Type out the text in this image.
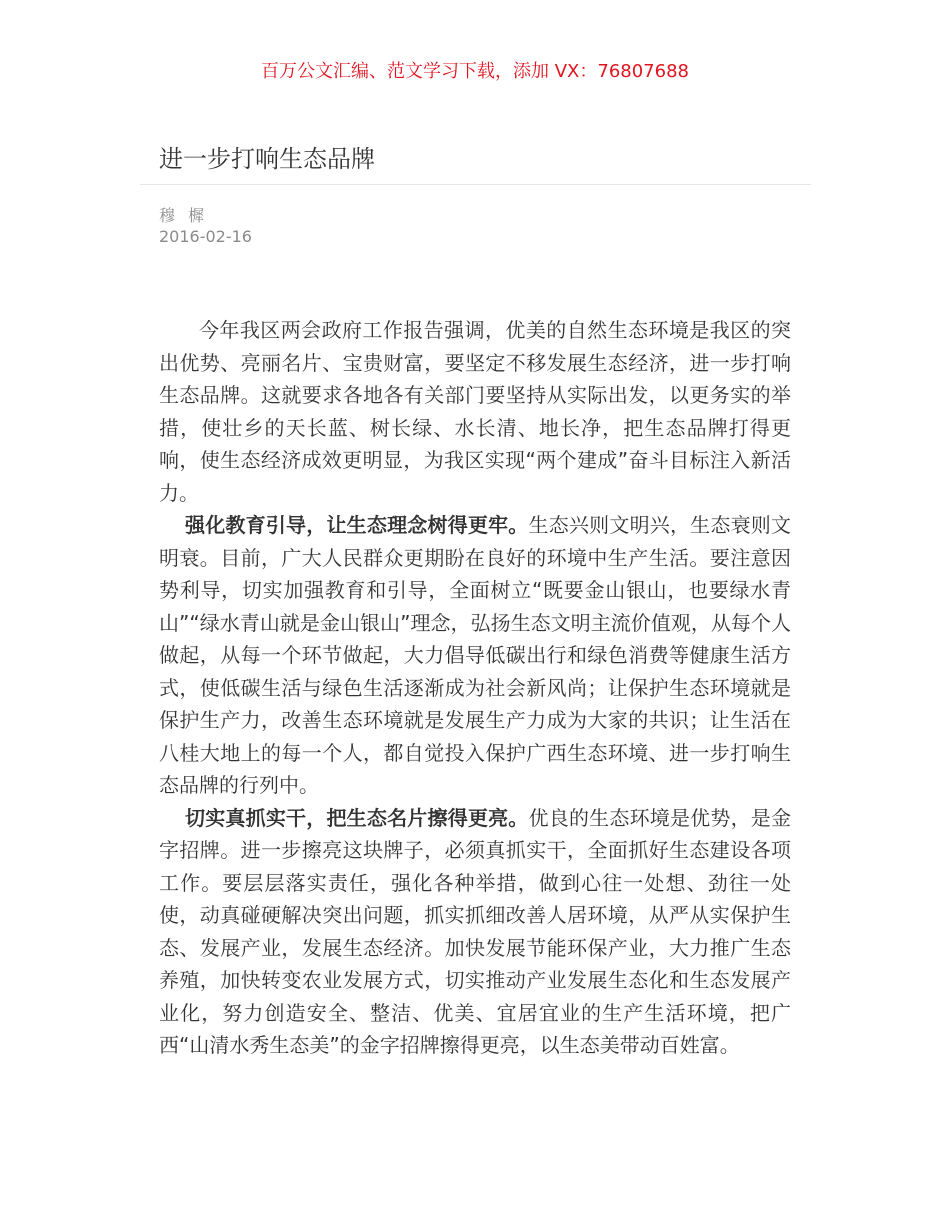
百万公文汇编、范文学习下载，添加 VX：76807688
进一步打响生态品牌
穆 樨
2016-02-16

今年我区两会政府工作报告强调，优美的自然生态环境是我区的突出优势、亮丽名片、宝贵财富，要坚定不移发展生态经济，进一步打响生态品牌。这就要求各地各有关部门要坚持从实际出发，以更务实的举措，使壮乡的天长蓝、树长绿、水长清、地长净，把生态品牌打得更响，使生态经济成效更明显，为我区实现“两个建成”奋斗目标注入新活力。

强化教育引导，让生态理念树得更牢。生态兴则文明兴，生态衰则文明衰。目前，广大人民群众更期盼在良好的环境中生产生活。要注意因势利导，切实加强教育和引导，全面树立“既要金山银山，也要绿水青山”“绿水青山就是金山银山”理念，弘扬生态文明主流价值观，从每个人做起，从每一个环节做起，大力倡导低碳出行和绿色消费等健康生活方式，使低碳生活与绿色生活逐渐成为社会新风尚；让保护生态环境就是保护生产力，改善生态环境就是发展生产力成为大家的共识；让生活在八桂大地上的每一个人，都自觉投入保护广西生态环境、进一步打响生态品牌的行列中。

切实真抓实干，把生态名片擦得更亮。优良的生态环境是优势，是金字招牌。进一步擦亮这块牌子，必须真抓实干，全面抓好生态建设各项工作。要层层落实责任，强化各种举措，做到心往一处想、劲往一处使，动真碰硬解决突出问题，抓实抓细改善人居环境，从严从实保护生态、发展产业，发展生态经济。加快发展节能环保产业，大力推广生态养殖，加快转变农业发展方式，切实推动产业发展生态化和生态发展产业化，努力创造安全、整洁、优美、宜居宜业的生产生活环境，把广西“山清水秀生态美”的金字招牌擦得更亮，以生态美带动百姓富。
